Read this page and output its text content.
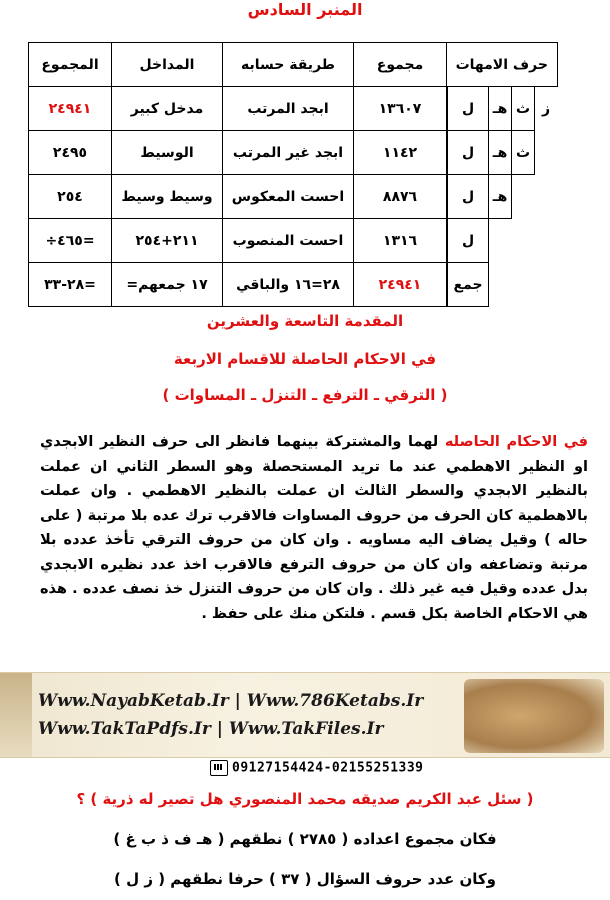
المنبر السادس
حرف الامهات				مجموع	طريقة حسابه	المداخل	المجموع
ز	ث	هـ	ل		١٣٦٠٧	ابجد المرتب	مدخل كبير	٢٤٩٤١
	ث	هـ	ل		١١٤٢	ابجد غير المرتب	الوسيط	٢٤٩٥
		هـ	ل		٨٨٧٦	احست المعكوس	وسيط وسيط	٢٥٤
			ل		١٣١٦	احست المنصوب	٢١١+٢٥٤	=٤٦٥÷
			جمع		٢٤٩٤١	٢٨=١٦ والباقي	١٧ جمعهم=	=٢٨-٣٣
المقدمة التاسعة والعشرين
في الاحكام الحاصلة للاقسام الاربعة
( الترقي ـ الترفع ـ التنزل ـ المساوات )
في الاحكام الحاصله لهما والمشتركة بينهما فانظر الى حرف النظير الابجدي او النظير الاهطمي عند ما تريد المستحصلة وهو السطر الثاني ان عملت بالنظير الابجدي والسطر الثالث ان عملت بالنظير الاهطمي . وان عملت بالاهطمية كان الحرف من حروف المساوات فالاقرب ترك عده بلا مرتبة ( على حاله ) وقيل يضاف اليه مساويه . وان كان من حروف الترقي تأخذ عدده بلا مرتبة وتضاعفه وان كان من حروف الترفع فالاقرب اخذ عدد نظيره الابجدي بدل عدده وقيل فيه غير ذلك . وان كان من حروف التنزل خذ نصف عدده . هذه هي الاحكام الخاصة بكل قسم . فلتكن منك على حفظ .
Www.NayabKetab.Ir | Www.786Ketabs.Ir
Www.TakTaPdfs.Ir | Www.TakFiles.Ir
09127154424-02155251339
( سئل عبد الكريم صديقه محمد المنصوري هل تصير له ذرية ) ؟
فكان مجموع اعداده ( ٢٧٨٥ ) نطقهم ( هـ ف ذ ب غ )
وكان عدد حروف السؤال ( ٣٧ ) حرفا نطقهم ( ز ل )
